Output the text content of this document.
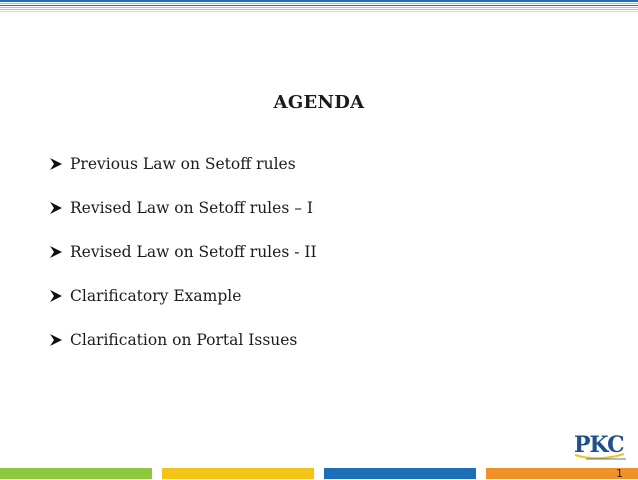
AGENDA
Previous Law on Setoff rules
Revised Law on Setoff rules – I
Revised Law on Setoff rules - II
Clarificatory Example
Clarification on Portal Issues
PKC
1
